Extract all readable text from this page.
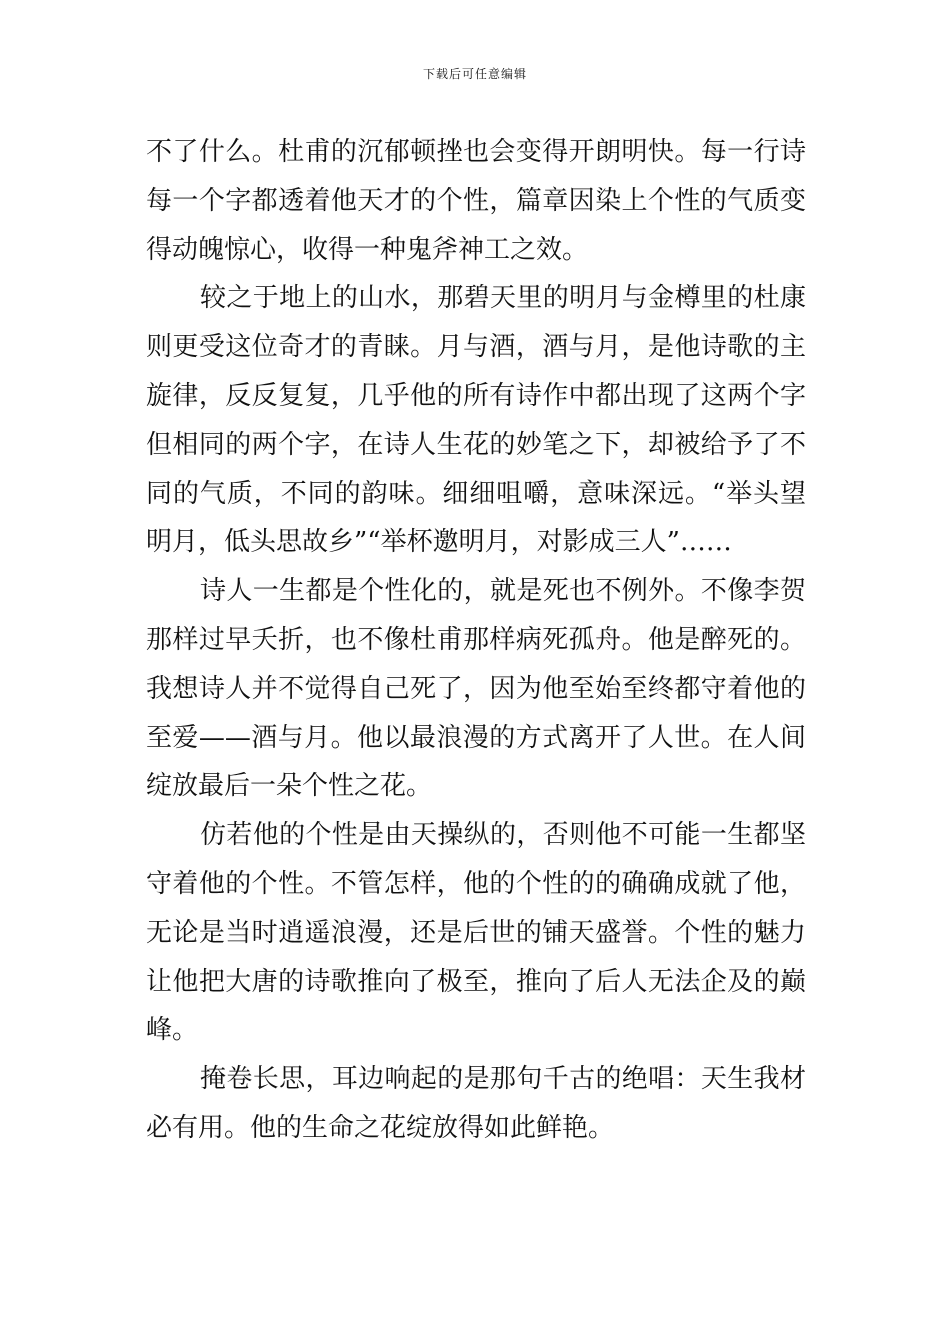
下载后可任意编辑
不了什么。杜甫的沉郁顿挫也会变得开朗明快。每一行诗
每一个字都透着他天才的个性，篇章因染上个性的气质变
得动魄惊心，收得一种鬼斧神工之效。
较之于地上的山水，那碧天里的明月与金樽里的杜康
则更受这位奇才的青睐。月与酒，酒与月，是他诗歌的主
旋律，反反复复，几乎他的所有诗作中都出现了这两个字
但相同的两个字，在诗人生花的妙笔之下，却被给予了不
同的气质，不同的韵味。细细咀嚼，意味深远。“举头望
明月，低头思故乡”“举杯邀明月，对影成三人”……
诗人一生都是个性化的，就是死也不例外。不像李贺
那样过早夭折，也不像杜甫那样病死孤舟。他是醉死的。
我想诗人并不觉得自己死了，因为他至始至终都守着他的
至爱——酒与月。他以最浪漫的方式离开了人世。在人间
绽放最后一朵个性之花。
仿若他的个性是由天操纵的，否则他不可能一生都坚
守着他的个性。不管怎样，他的个性的的确确成就了他，
无论是当时逍遥浪漫，还是后世的铺天盛誉。个性的魅力
让他把大唐的诗歌推向了极至，推向了后人无法企及的巅
峰。
掩卷长思，耳边响起的是那句千古的绝唱：天生我材
必有用。他的生命之花绽放得如此鲜艳。
